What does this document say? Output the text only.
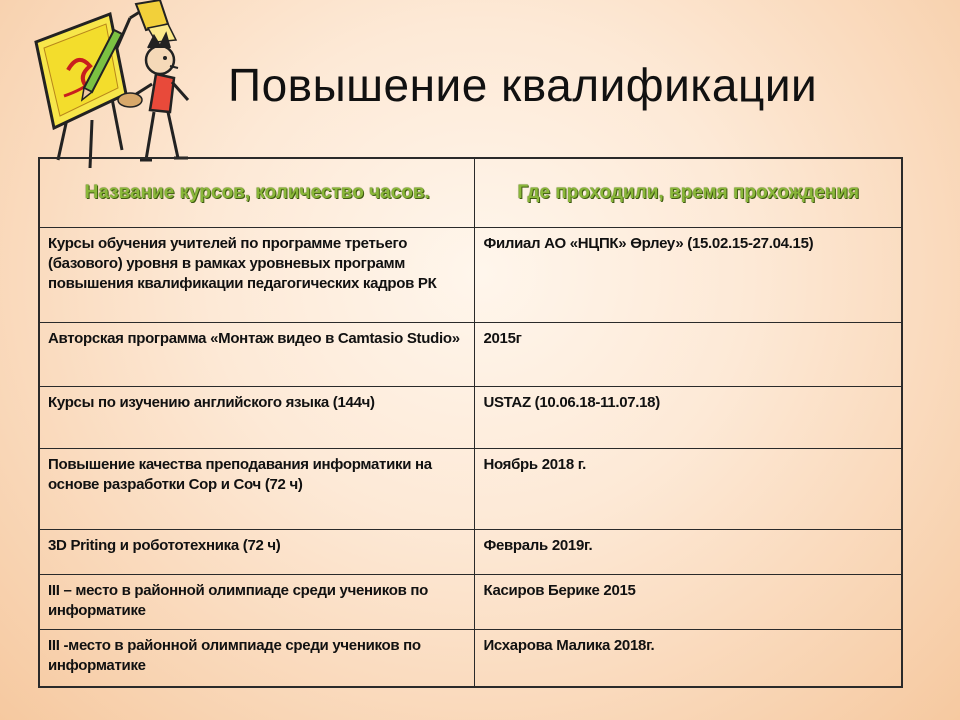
Повышение квалификации
Название курсов, количество часов.	Где проходили, время прохождения
Курсы обучения учителей по программе третьего (базового) уровня в рамках уровневых программ повышения квалификации педагогических кадров РК	Филиал АО «НЦПК» Өрлеу» (15.02.15-27.04.15)
Авторская программа «Монтаж видео в Camtasio Studio»	2015г
Курсы по изучению английского языка (144ч)	USTAZ (10.06.18-11.07.18)
Повышение качества преподавания информатики на основе разработки Сор и Соч (72 ч)	Ноябрь 2018 г.
3D Priting и робототехника (72 ч)	Февраль 2019г.
III – место в районной олимпиаде среди учеников по информатике	Касиров Берике 2015
III -место в районной олимпиаде среди учеников по информатике	Исхарова Малика 2018г.
